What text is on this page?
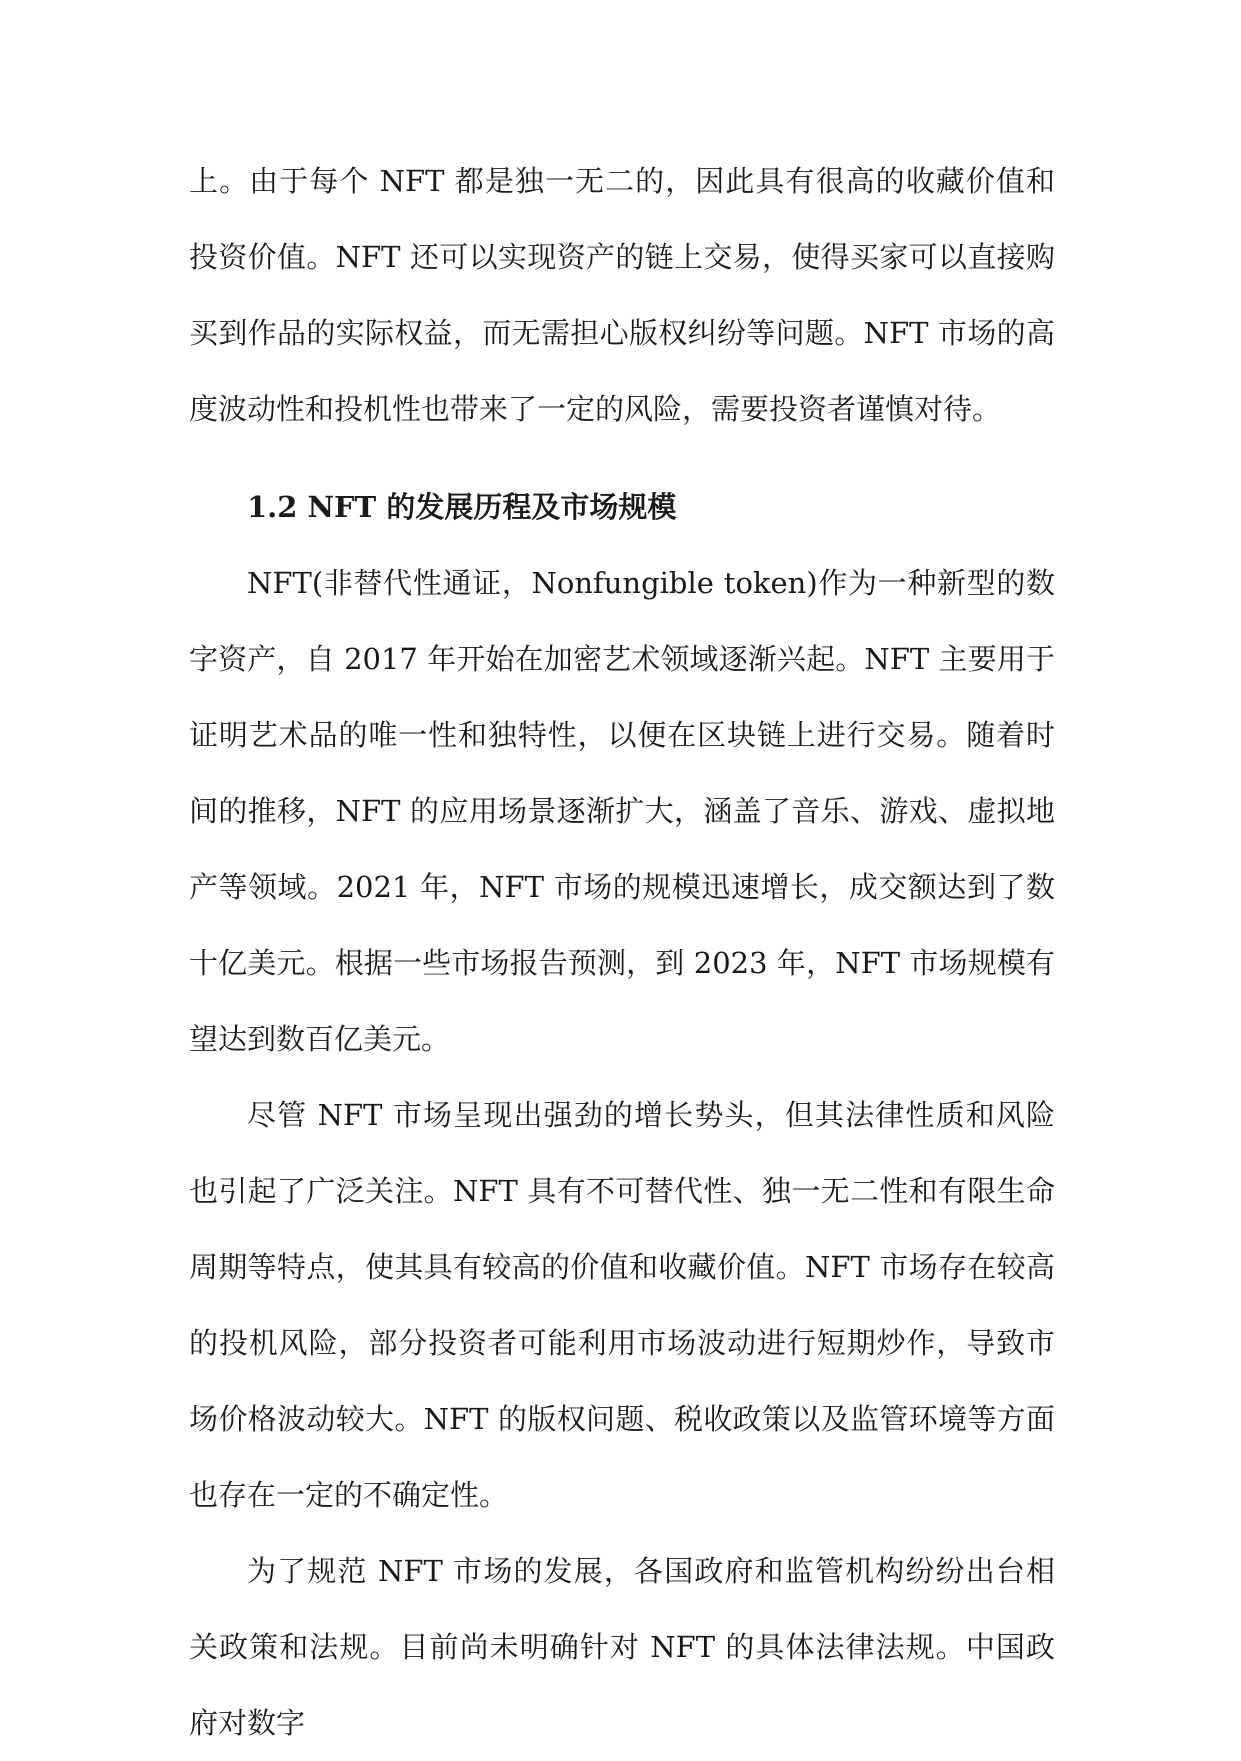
上。由于每个 NFT 都是独一无二的，因此具有很高的收藏价值和投资价值。NFT 还可以实现资产的链上交易，使得买家可以直接购买到作品的实际权益，而无需担心版权纠纷等问题。NFT 市场的高度波动性和投机性也带来了一定的风险，需要投资者谨慎对待。

1.2 NFT 的发展历程及市场规模

NFT(非替代性通证，Nonfungible token)作为一种新型的数字资产，自 2017 年开始在加密艺术领域逐渐兴起。NFT 主要用于证明艺术品的唯一性和独特性，以便在区块链上进行交易。随着时间的推移，NFT 的应用场景逐渐扩大，涵盖了音乐、游戏、虚拟地产等领域。2021 年，NFT 市场的规模迅速增长，成交额达到了数十亿美元。根据一些市场报告预测，到 2023 年，NFT 市场规模有望达到数百亿美元。

尽管 NFT 市场呈现出强劲的增长势头，但其法律性质和风险也引起了广泛关注。NFT 具有不可替代性、独一无二性和有限生命周期等特点，使其具有较高的价值和收藏价值。NFT 市场存在较高的投机风险，部分投资者可能利用市场波动进行短期炒作，导致市场价格波动较大。NFT 的版权问题、税收政策以及监管环境等方面也存在一定的不确定性。

为了规范 NFT 市场的发展，各国政府和监管机构纷纷出台相关政策和法规。目前尚未明确针对 NFT 的具体法律法规。中国政府对数字
